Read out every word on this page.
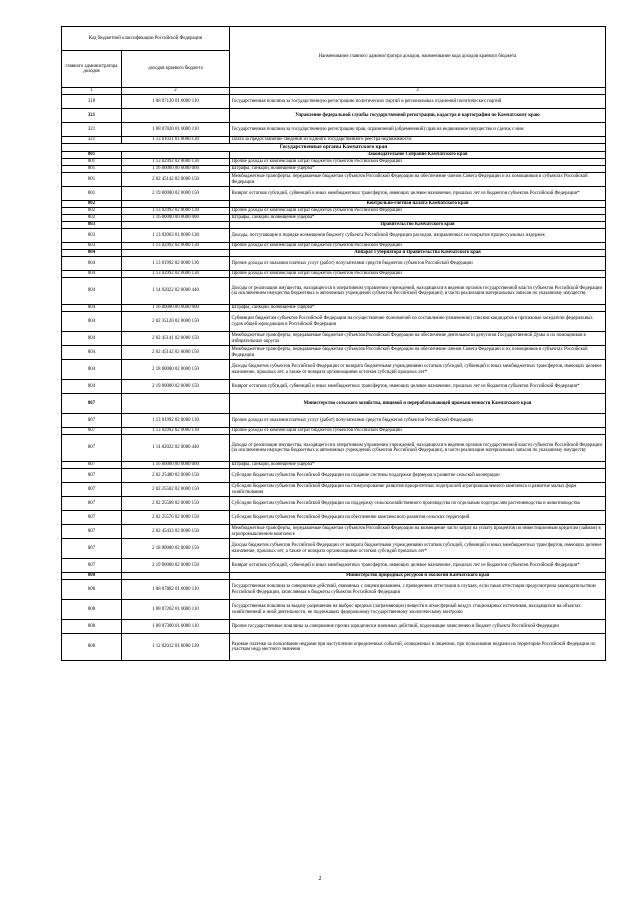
Код бюджетной классификации Российской Федерации		Наименование главного администратора доходов, наименование кода доходов краевого бюджета
главного администратора доходов	доходов краевого бюджета	
1	2	3
318	1 08 07120 01 0000 110	Государственная пошлина за государственную регистрацию политических партий и региональных отделений политических партий
321		Управление федеральной службы государственной регистрации, кадастра и картографии по Камчатскому краю
321	1 08 07020 01 0000 110	Государственная пошлина за государственную регистрацию прав, ограничений (обременений) прав на недвижимое имущество и сделок с ним
321	1 13 01031 01 0000 130	Плата за предоставление сведений из Единого государственного реестра недвижимости
Государственные органы Камчатского края		
801		Законодательное Собрание Камчатского края
801	1 13 02992 02 0000 130	Прочие доходы от компенсации затрат бюджетов субъектов Российской Федерации
801	1 16 00000 00 0000 000	Штрафы, санкции, возмещение ущерба*
801	2 02 45142 02 0000 150	Межбюджетные трансферты, передаваемые бюджетам субъектов Российской Федерации на обеспечение членов Совета Федерации и их помощников в субъектах Российской Федерации
801	2 19 00000 02 0000 150	Возврат остатков субсидий, субвенций и иных межбюджетных трансфертов, имеющих целевое назначение, прошлых лет из бюджетов субъектов Российской Федерации*
802		Контрольно-счетная палата Камчатского края
802	1 13 02992 02 0000 130	Прочие доходы от компенсации затрат бюджетов субъектов Российской Федерации
802	1 16 00000 00 0000 000	Штрафы, санкции, возмещение ущерба*
803		Правительство Камчатского края
803	1 13 02063 01 0000 130	Доходы, поступающие в порядке возмещения бюджету субъекта Российской Федерации расходов, направленных на покрытие процессуальных издержек
803	1 13 02992 02 0000 130	Прочие доходы от компенсации затрат бюджетов субъектов Российской Федерации
804		Аппарат Губернатора и Правительства Камчатского края
804	1 13 01992 02 0000 130	Прочие доходы от оказания платных услуг (работ) получателями средств бюджетов субъектов Российской Федерации
804	1 13 02992 02 0000 130	Прочие доходы от компенсации затрат бюджетов субъектов Российской Федерации
804	1 14 02022 02 0000 440	Доходы от реализации имущества, находящегося в оперативном управлении учреждений, находящихся в ведении органов государственной власти субъектов Российской Федерации (за исключением имущества бюджетных и автономных учреждений субъектов Российской Федерации), в части реализации материальных запасов по указанному имуществу
804	1 16 00000 00 0000 000	Штрафы, санкции, возмещение ущерба*
804	2 02 35120 02 0000 150	Субвенции бюджетам субъектов Российской Федерации на осуществление полномочий по составлению (изменению) списков кандидатов в присяжные заседатели федеральных судов общей юрисдикции в Российской Федерации
804	2 02 45141 02 0000 150	Межбюджетные трансферты, передаваемые бюджетам субъектов Российской Федерации на обеспечение деятельности депутатов Государственной Думы и их помощников в избирательных округах
804	2 02 45142 02 0000 150	Межбюджетные трансферты, передаваемые бюджетам субъектов Российской Федерации на обеспечение членов Совета Федерации и их помощников в субъектах Российской Федерации
804	2 18 00000 02 0000 150	Доходы бюджетов субъектов Российской Федерации от возврата бюджетными учреждениями остатков субсидий, субвенций и иных межбюджетных трансфертов, имеющих целевое назначение, прошлых лет, а также от возврата организациями остатков субсидий прошлых лет*
804	2 19 00000 02 0000 150	Возврат остатков субсидий, субвенций и иных межбюджетных трансфертов, имеющих целевое назначение, прошлых лет из бюджетов субъектов Российской Федерации*
807		Министерство сельского хозяйства, пищевой и перерабатывающей промышленности Камчатского края
807	1 13 01992 02 0000 130	Прочие доходы от оказания платных услуг (работ) получателями средств бюджетов субъектов Российской Федерации
807	1 13 02992 02 0000 130	Прочие доходы от компенсации затрат бюджетов субъектов Российской Федерации
807	1 14 02022 02 0000 440	Доходы от реализации имущества, находящегося в оперативном управлении учреждений, находящихся в ведении органов государственной власти субъектов Российской Федерации (за исключением имущества бюджетных и автономных учреждений субъектов Российской Федерации), в части реализации материальных запасов по указанному имуществу
807	1 16 00000 00 0000 000	Штрафы, санкции, возмещение ущерба*
807	2 02 25480 02 0000 150	Субсидии бюджетам субъектов Российской Федерации на создание системы поддержки фермеров и развитие сельской кооперации
807	2 02 25502 02 0000 150	Субсидии бюджетам субъектов Российской Федерации на стимулирование развития приоритетных подотраслей агропромышленного комплекса и развитие малых форм хозяйствования
807	2 02 25508 02 0000 150	Субсидии бюджетам субъектов Российской Федерации на поддержку сельскохозяйственного производства по отдельным подотраслям растениеводства и животноводства
807	2 02 25576 02 0000 150	Субсидии бюджетам субъектов Российской Федерации на обеспечение комплексного развития сельских территорий
807	2 02 45433 02 0000 150	Межбюджетные трансферты, передаваемые бюджетам субъектов Российской Федерации на возмещение части затрат на уплату процентов по инвестиционным кредитам (займам) в агропромышленном комплексе
807	2 18 00000 02 0000 150	Доходы бюджетов субъектов Российской Федерации от возврата бюджетными учреждениями остатков субсидий, субвенций и иных межбюджетных трансфертов, имеющих целевое назначение, прошлых лет, а также от возврата организациями остатков субсидий прошлых лет*
807	2 19 00000 02 0000 150	Возврат остатков субсидий, субвенций и иных межбюджетных трансфертов, имеющих целевое назначение, прошлых лет из бюджетов субъектов Российской Федерации*
808		Министерство природных ресурсов и экологии Камчатского края
808	1 08 07082 01 0000 110	Государственная пошлина за совершение действий, связанных с лицензированием, с проведением аттестации в случаях, если такая аттестация предусмотрена законодательством Российской Федерации, зачисляемая в бюджеты субъектов Российской Федерации
808	1 08 07262 01 0000 110	Государственная пошлина за выдачу разрешения на выброс вредных (загрязняющих) веществ в атмосферный воздух стационарных источников, находящихся на объектах хозяйственной и иной деятельности, не подлежащих федеральному государственному экологическому контролю
808	1 08 07300 01 0000 110	Прочие государственные пошлины за совершение прочих юридически значимых действий, подлежащие зачислению в бюджет субъекта Российской Федерации
808	1 12 02012 01 0000 120	Разовые платежи за пользование недрами при наступлении определенных событий, оговоренных в лицензии, при пользовании недрами на территории Российской Федерации по участкам недр местного значения
2
